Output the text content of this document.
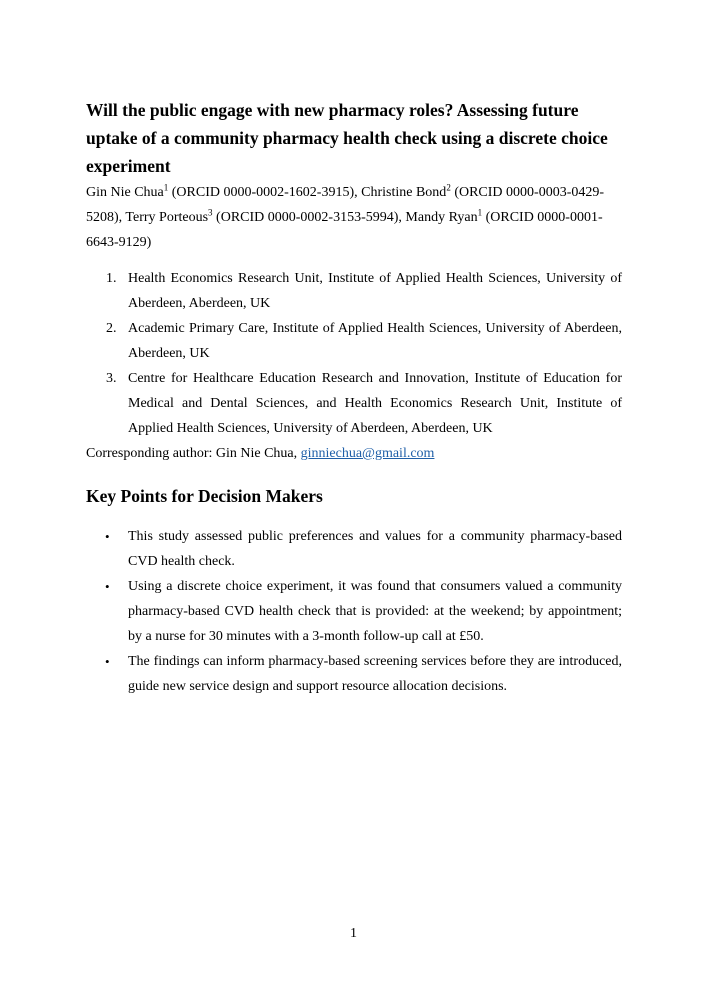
Will the public engage with new pharmacy roles? Assessing future uptake of a community pharmacy health check using a discrete choice experiment

Gin Nie Chua$^1$ (ORCID 0000-0002-1602-3915), Christine Bond$^2$ (ORCID 0000-0003-0429-5208), Terry Porteous$^3$ (ORCID 0000-0002-3153-5994), Mandy Ryan$^1$ (ORCID 0000-0001-6643-9129)

1. Health Economics Research Unit, Institute of Applied Health Sciences, University of Aberdeen, Aberdeen, UK
2. Academic Primary Care, Institute of Applied Health Sciences, University of Aberdeen, Aberdeen, UK
3. Centre for Healthcare Education Research and Innovation, Institute of Education for Medical and Dental Sciences, and Health Economics Research Unit, Institute of Applied Health Sciences, University of Aberdeen, Aberdeen, UK

Corresponding author: Gin Nie Chua, ginniechua@gmail.com

Key Points for Decision Makers
• This study assessed public preferences and values for a community pharmacy-based CVD health check.
• Using a discrete choice experiment, it was found that consumers valued a community pharmacy-based CVD health check that is provided: at the weekend; by appointment; by a nurse for 30 minutes with a 3-month follow-up call at £50.
• The findings can inform pharmacy-based screening services before they are introduced, guide new service design and support resource allocation decisions.
1
